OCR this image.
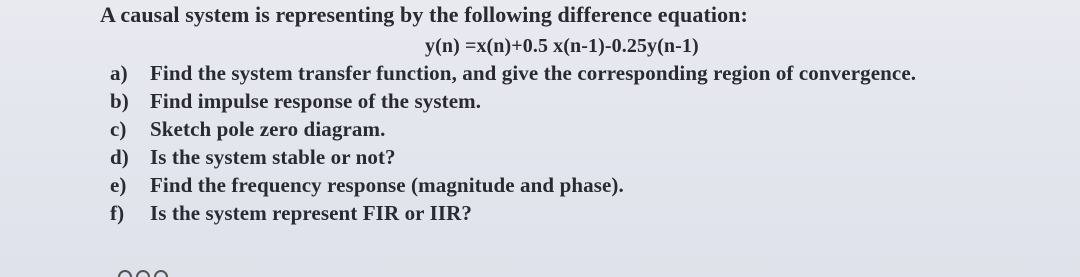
A causal system is representing by the following difference equation:
y(n) =x(n)+0.5 x(n-1)-0.25y(n-1)
a) Find the system transfer function, and give the corresponding region of convergence.
b) Find impulse response of the system.
c) Sketch pole zero diagram.
d) Is the system stable or not?
e) Find the frequency response (magnitude and phase).
f) Is the system represent FIR or IIR?
